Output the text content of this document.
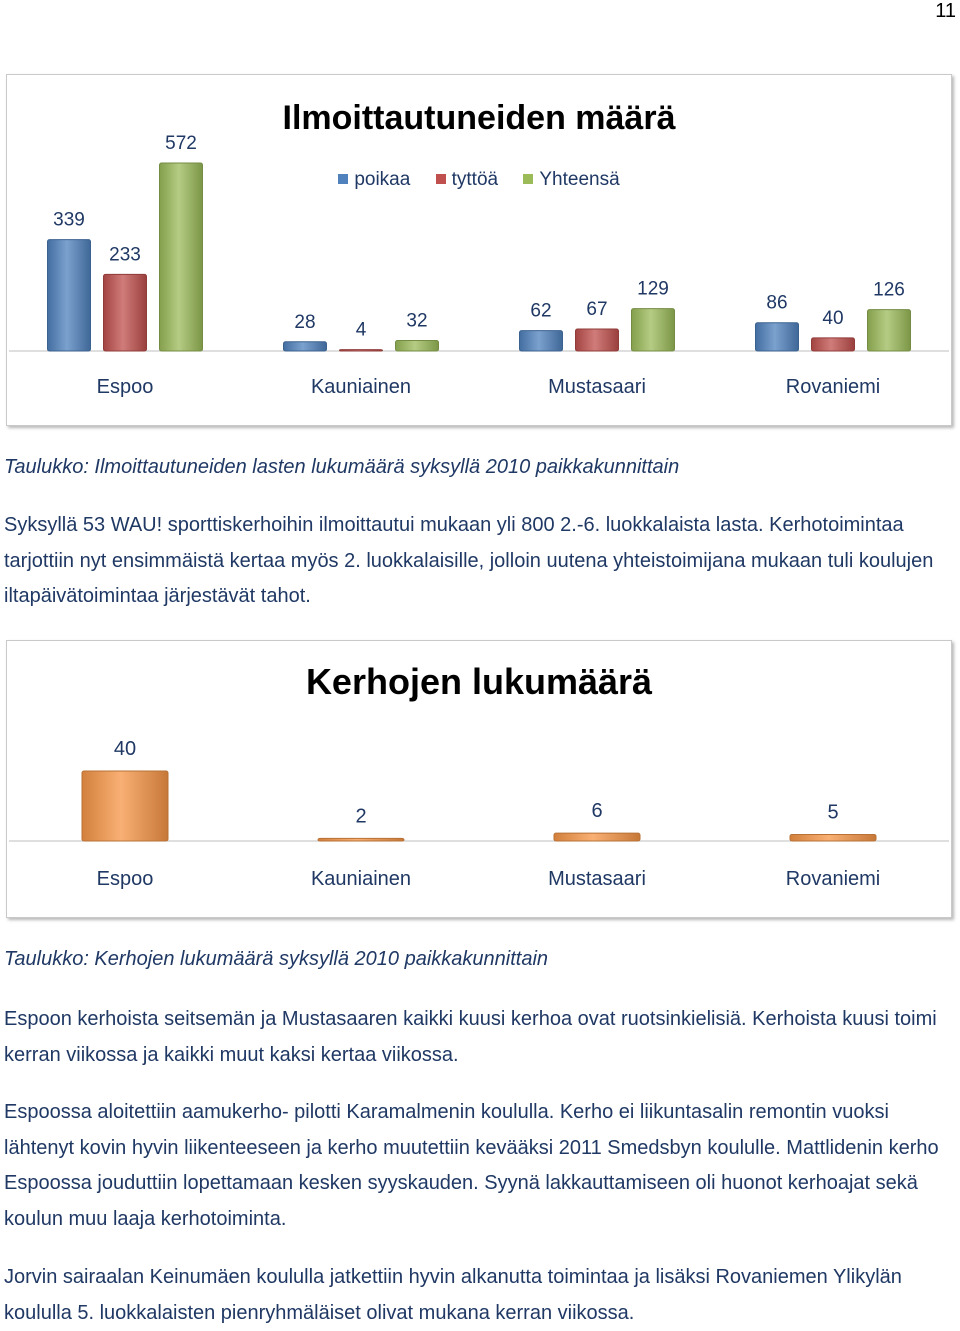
11
Ilmoittautuneiden määrä
poikaa tyttöä Yhteensä
339
233
572
Espoo
28 4 32
Kauniainen
62 67
129
Mustasaari
86
40
126
Rovaniemi
Taulukko: Ilmoittautuneiden lasten lukumäärä syksyllä 2010 paikkakunnittain

Syksyllä 53 WAU! sporttiskerhoihin ilmoittautui mukaan yli 800 2.-6. luokkalaista lasta. Kerhotoimintaa tarjottiin nyt ensimmäistä kertaa myös 2. luokkalaisille, jolloin uutena yhteistoimijana mukaan tuli koulujen iltapäivätoimintaa järjestävät tahot.

Kerhojen lukumäärä
40
Espoo
2
Kauniainen
6
Mustasaari
5
Rovaniemi
Taulukko: Kerhojen lukumäärä syksyllä 2010 paikkakunnittain

Espoon kerhoista seitsemän ja Mustasaaren kaikki kuusi kerhoa ovat ruotsinkielisiä. Kerhoista kuusi toimi kerran viikossa ja kaikki muut kaksi kertaa viikossa.

Espoossa aloitettiin aamukerho- pilotti Karamalmenin koululla. Kerho ei liikuntasalin remontin vuoksi lähtenyt kovin hyvin liikenteeseen ja kerho muutettiin kevääksi 2011 Smedsbyn koululle. Mattlidenin kerho Espoossa jouduttiin lopettamaan kesken syyskauden. Syynä lakkauttamiseen oli huonot kerhoajat sekä koulun muu laaja kerhotoiminta.

Jorvin sairaalan Keinumäen koululla jatkettiin hyvin alkanutta toimintaa ja lisäksi Rovaniemen Ylikylän koululla 5. luokkalaisten pienryhmäläiset olivat mukana kerran viikossa.
